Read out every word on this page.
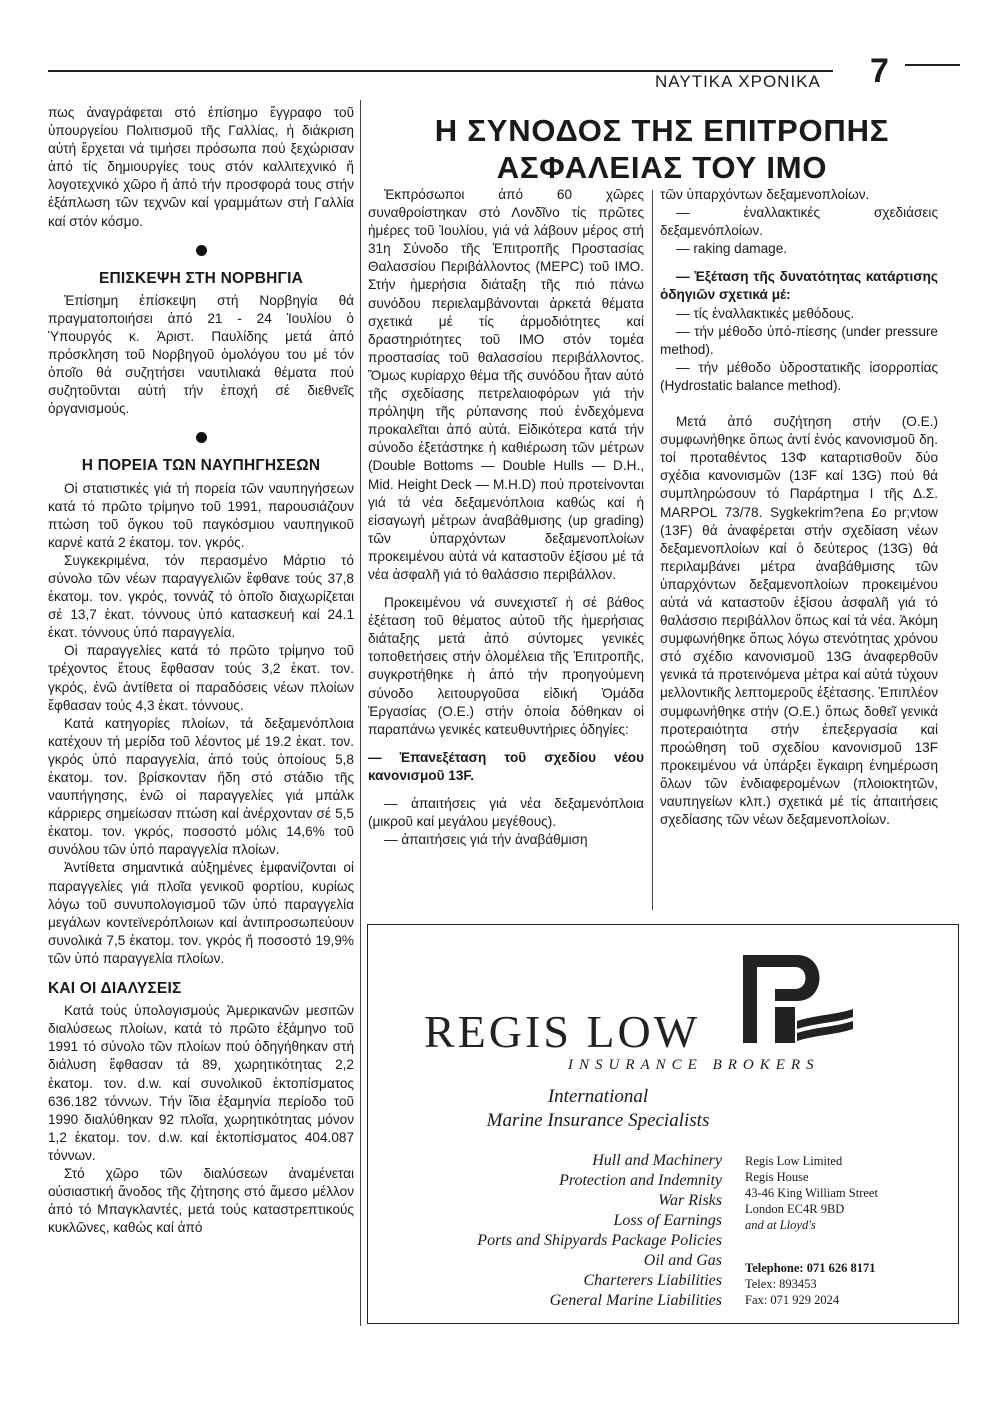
ΝΑΥΤΙΚΑ ΧΡΟΝΙΚΑ 7

πως ἀναγράφεται στό ἐπίσημο ἔγγραφο τοῦ ὑπουργείου Πολιτισμοῦ τῆς Γαλλίας, ἡ διάκριση αὐτή ἔρχεται νά τιμήσει πρόσωπα πού ξεχώρισαν ἀπό τίς δημιουργίες τους στόν καλλιτεχνικό ἤ λογοτεχνικό χῶρο ἤ ἀπό τήν προσφορά τους στήν ἐξάπλωση τῶν τεχνῶν καί γραμμάτων στή Γαλλία καί στόν κόσμο.

ΕΠΙΣΚΕΨΗ ΣΤΗ ΝΟΡΒΗΓΙΑ

Ἐπίσημη ἐπίσκεψη στή Νορβηγία θά πραγματοποιήσει ἀπό 21 - 24 Ἰουλίου ὁ Ὑπουργός κ. Ἀριστ. Παυλίδης μετά ἀπό πρόσκληση τοῦ Νορβηγοῦ ὁμολόγου του μέ τόν ὁποῖο θά συζητήσει ναυτιλιακά θέματα πού συζητοῦνται αὐτή τήν ἐποχή σέ διεθνεῖς ὀργανισμούς.

Η ΠΟΡΕΙΑ ΤΩΝ ΝΑΥΠΗΓΗΣΕΩΝ

Οἱ στατιστικές γιά τή πορεία τῶν ναυπηγήσεων κατά τό πρῶτο τρίμηνο τοῦ 1991, παρουσιάζουν πτώση τοῦ ὄγκου τοῦ παγκόσμιου ναυπηγικοῦ καρνέ κατά 2 ἑκατομ. τον. γκρός.

Συγκεκριμένα, τόν περασμένο Μάρτιο τό σύνολο τῶν νέων παραγγελιῶν ἔφθανε τούς 37,8 ἑκατομ. τον. γκρός, τοννάζ τό ὁποῖο διαχωρίζεται σέ 13,7 ἑκατ. τόννους ὑπό κατασκευή καί 24.1 ἑκατ. τόννους ὑπό παραγγελία.

Οἱ παραγγελίες κατά τό πρῶτο τρίμηνο τοῦ τρέχοντος ἔτους ἔφθασαν τούς 3,2 ἑκατ. τον. γκρός, ἐνῶ ἀντίθετα οἱ παραδόσεις νέων πλοίων ἔφθασαν τούς 4,3 ἑκατ. τόννους.

Κατά κατηγορίες πλοίων, τά δεξαμενόπλοια κατέχουν τή μερίδα τοῦ λέοντος μέ 19.2 ἑκατ. τον. γκρός ὑπό παραγγελία, ἀπό τούς ὁποίους 5,8 ἑκατομ. τον. βρίσκονταν ἤδη στό στάδιο τῆς ναυπήγησης, ἐνῶ οἱ παραγγελίες γιά μπάλκ κάρριερς σημείωσαν πτώση καί ἀνέρχονταν σέ 5,5 ἑκατομ. τον. γκρός, ποσοστό μόλις 14,6% τοῦ συνόλου τῶν ὑπό παραγγελία πλοίων.

Ἀντίθετα σημαντικά αὐξημένες ἐμφανίζονται οἱ παραγγελίες γιά πλοῖα γενικοῦ φορτίου, κυρίως λόγω τοῦ συνυπολογισμοῦ τῶν ὑπό παραγγελία μεγάλων κοντεϊνερόπλοιων καί ἀντιπροσωπεύουν συνολικά 7,5 ἑκατομ. τον. γκρός ἤ ποσοστό 19,9% τῶν ὑπό παραγγελία πλοίων.

ΚΑΙ ΟΙ ΔΙΑΛΥΣΕΙΣ

Κατά τούς ὑπολογισμούς Ἀμερικανῶν μεσιτῶν διαλύσεως πλοίων, κατά τό πρῶτο ἑξάμηνο τοῦ 1991 τό σύνολο τῶν πλοίων πού ὁδηγήθηκαν στή διάλυση ἔφθασαν τά 89, χωρητικότητας 2,2 ἑκατομ. τον. d.w. καί συνολικοῦ ἐκτοπίσματος 636.182 τόννων. Τήν ἴδια ἑξαμηνία περίοδο τοῦ 1990 διαλύθηκαν 92 πλοῖα, χωρητικότητας μόνον 1,2 ἑκατομ. τον. d.w. καί ἐκτοπίσματος 404.087 τόννων.

Στό χῶρο τῶν διαλύσεων ἀναμένεται οὐσιαστική ἄνοδος τῆς ζήτησης στό ἄμεσο μέλλον ἀπό τό Μπαγκλαντές, μετά τούς καταστρεπτικούς κυκλῶνες, καθώς καί ἀπό

Η ΣΥΝΟΔΟΣ ΤΗΣ ΕΠΙΤΡΟΠΗΣ
ΑΣΦΑΛΕΙΑΣ ΤΟΥ ΙΜΟ

Ἐκπρόσωποι ἀπό 60 χῶρες συναθροίστηκαν στό Λονδῖνο τίς πρῶτες ἡμέρες τοῦ Ἰουλίου, γιά νά λάβουν μέρος στή 31η Σύνοδο τῆς Ἐπιτροπῆς Προστασίας Θαλασσίου Περιβάλλοντος (MEPC) τοῦ IMO. Στήν ἡμερήσια διάταξη τῆς πιό πάνω συνόδου περιελαμβάνονται ἀρκετά θέματα σχετικά μέ τίς ἁρμοδιότητες καί δραστηριότητες τοῦ IMO στόν τομέα προστασίας τοῦ θαλασσίου περιβάλλοντος. Ὅμως κυρίαρχο θέμα τῆς συνόδου ἦταν αὐτό τῆς σχεδίασης πετρελαιοφόρων γιά τήν πρόληψη τῆς ρύπανσης πού ἐνδεχόμενα προκαλεῖται ἀπό αὐτά. Εἰδικότερα κατά τήν σύνοδο ἐξετάστηκε ἡ καθιέρωση τῶν μέτρων (Double Bottoms — Double Hulls — D.H., Mid. Height Deck — M.H.D) πού προτείνονται γιά τά νέα δεξαμενόπλοια καθώς καί ἡ εἰσαγωγή μέτρων ἀναβάθμισης (up grading) τῶν ὑπαρχόντων δεξαμενοπλοίων προκειμένου αὐτά νά καταστοῦν ἐξίσου μέ τά νέα ἀσφαλῆ γιά τό θαλάσσιο περιβάλλον.

Προκειμένου νά συνεχιστεῖ ἡ σέ βάθος ἐξέταση τοῦ θέματος αὐτοῦ τῆς ἡμερήσιας διάταξης μετά ἀπό σύντομες γενικές τοποθετήσεις στήν ὁλομέλεια τῆς Ἐπιτροπῆς, συγκροτήθηκε ἡ ἀπό τήν προηγούμενη σύνοδο λειτουργοῦσα εἰδική Ὁμάδα Ἐργασίας (Ο.Ε.) στήν ὁποία δόθηκαν οἱ παραπάνω γενικές κατευθυντήριες ὁδηγίες:

— Ἐπανεξέταση τοῦ σχεδίου νέου κανονισμοῦ 13F.

— ἀπαιτήσεις γιά νέα δεξαμενόπλοια (μικροῦ καί μεγάλου μεγέθους).

— ἀπαιτήσεις γιά τήν ἀναβάθμιση

τῶν ὑπαρχόντων δεξαμενοπλοίων.

— ἐναλλακτικές σχεδιάσεις δεξαμενόπλοίων.

— raking damage.

— Ἐξέταση τῆς δυνατότητας κατάρτισης ὁδηγιῶν σχετικά μέ:

— τίς ἐναλλακτικές μεθόδους.

— τήν μέθοδο ὑπό-πίεσης (under pressure method).

— τήν μέθοδο ὑδροστατικῆς ἰσορροπίας (Hydrostatic balance method).

Μετά ἀπό συζήτηση στήν (Ο.Ε.) συμφωνήθηκε ὅπως ἀντί ἑνός κανονισμοῦ δη. τοί προταθέντος 13Φ καταρτισθοῦν δύο σχέδια κανονισμῶν (13F καί 13G) πού θά συμπληρώσουν τό Παράρτημα Ι τῆς Δ.Σ. MARPOL 73/78. Sygkekrim?ena £o pr;vtow (13F) θά ἀναφέρεται στήν σχεδίαση νέων δεξαμενοπλοίων καί ὁ δεύτερος (13G) θά περιλαμβάνει μέτρα ἀναβάθμισης τῶν ὑπαρχόντων δεξαμενοπλοίων προκειμένου αὐτά νά καταστοῦν ἐξίσου ἀσφαλῆ γιά τό θαλάσσιο περιβάλλον ὅπως καί τά νέα. Ἀκόμη συμφωνήθηκε ὅπως λόγω στενότητας χρόνου στό σχέδιο κανονισμοῦ 13G ἀναφερθοῦν γενικά τά προτεινόμενα μέτρα καί αὐτά τύχουν μελλοντικῆς λεπτομεροῦς ἐξέτασης. Ἐπιπλέον συμφωνήθηκε στήν (Ο.Ε.) ὅπως δοθεῖ γενικά προτεραιότητα στήν ἐπεξεργασία καί προώθηση τοῦ σχεδίου κανονισμοῦ 13F προκειμένου νά ὑπάρξει ἔγκαιρη ἐνημέρωση ὅλων τῶν ἐνδιαφερομένων (πλοιοκτητῶν, ναυπηγείων κλπ.) σχετικά μέ τίς ἀπαιτήσεις σχεδίασης τῶν νέων δεξαμενοπλοίων.

REGIS LOW
INSURANCE BROKERS
International
Marine Insurance Specialists
Hull and Machinery
Protection and Indemnity
War Risks
Loss of Earnings
Ports and Shipyards Package Policies
Oil and Gas
Charterers Liabilities
General Marine Liabilities
Regis Low Limited
Regis House
43-46 King William Street
London EC4R 9BD
and at Lloyd's
Telephone: 071 626 8171
Telex: 893453
Fax: 071 929 2024
